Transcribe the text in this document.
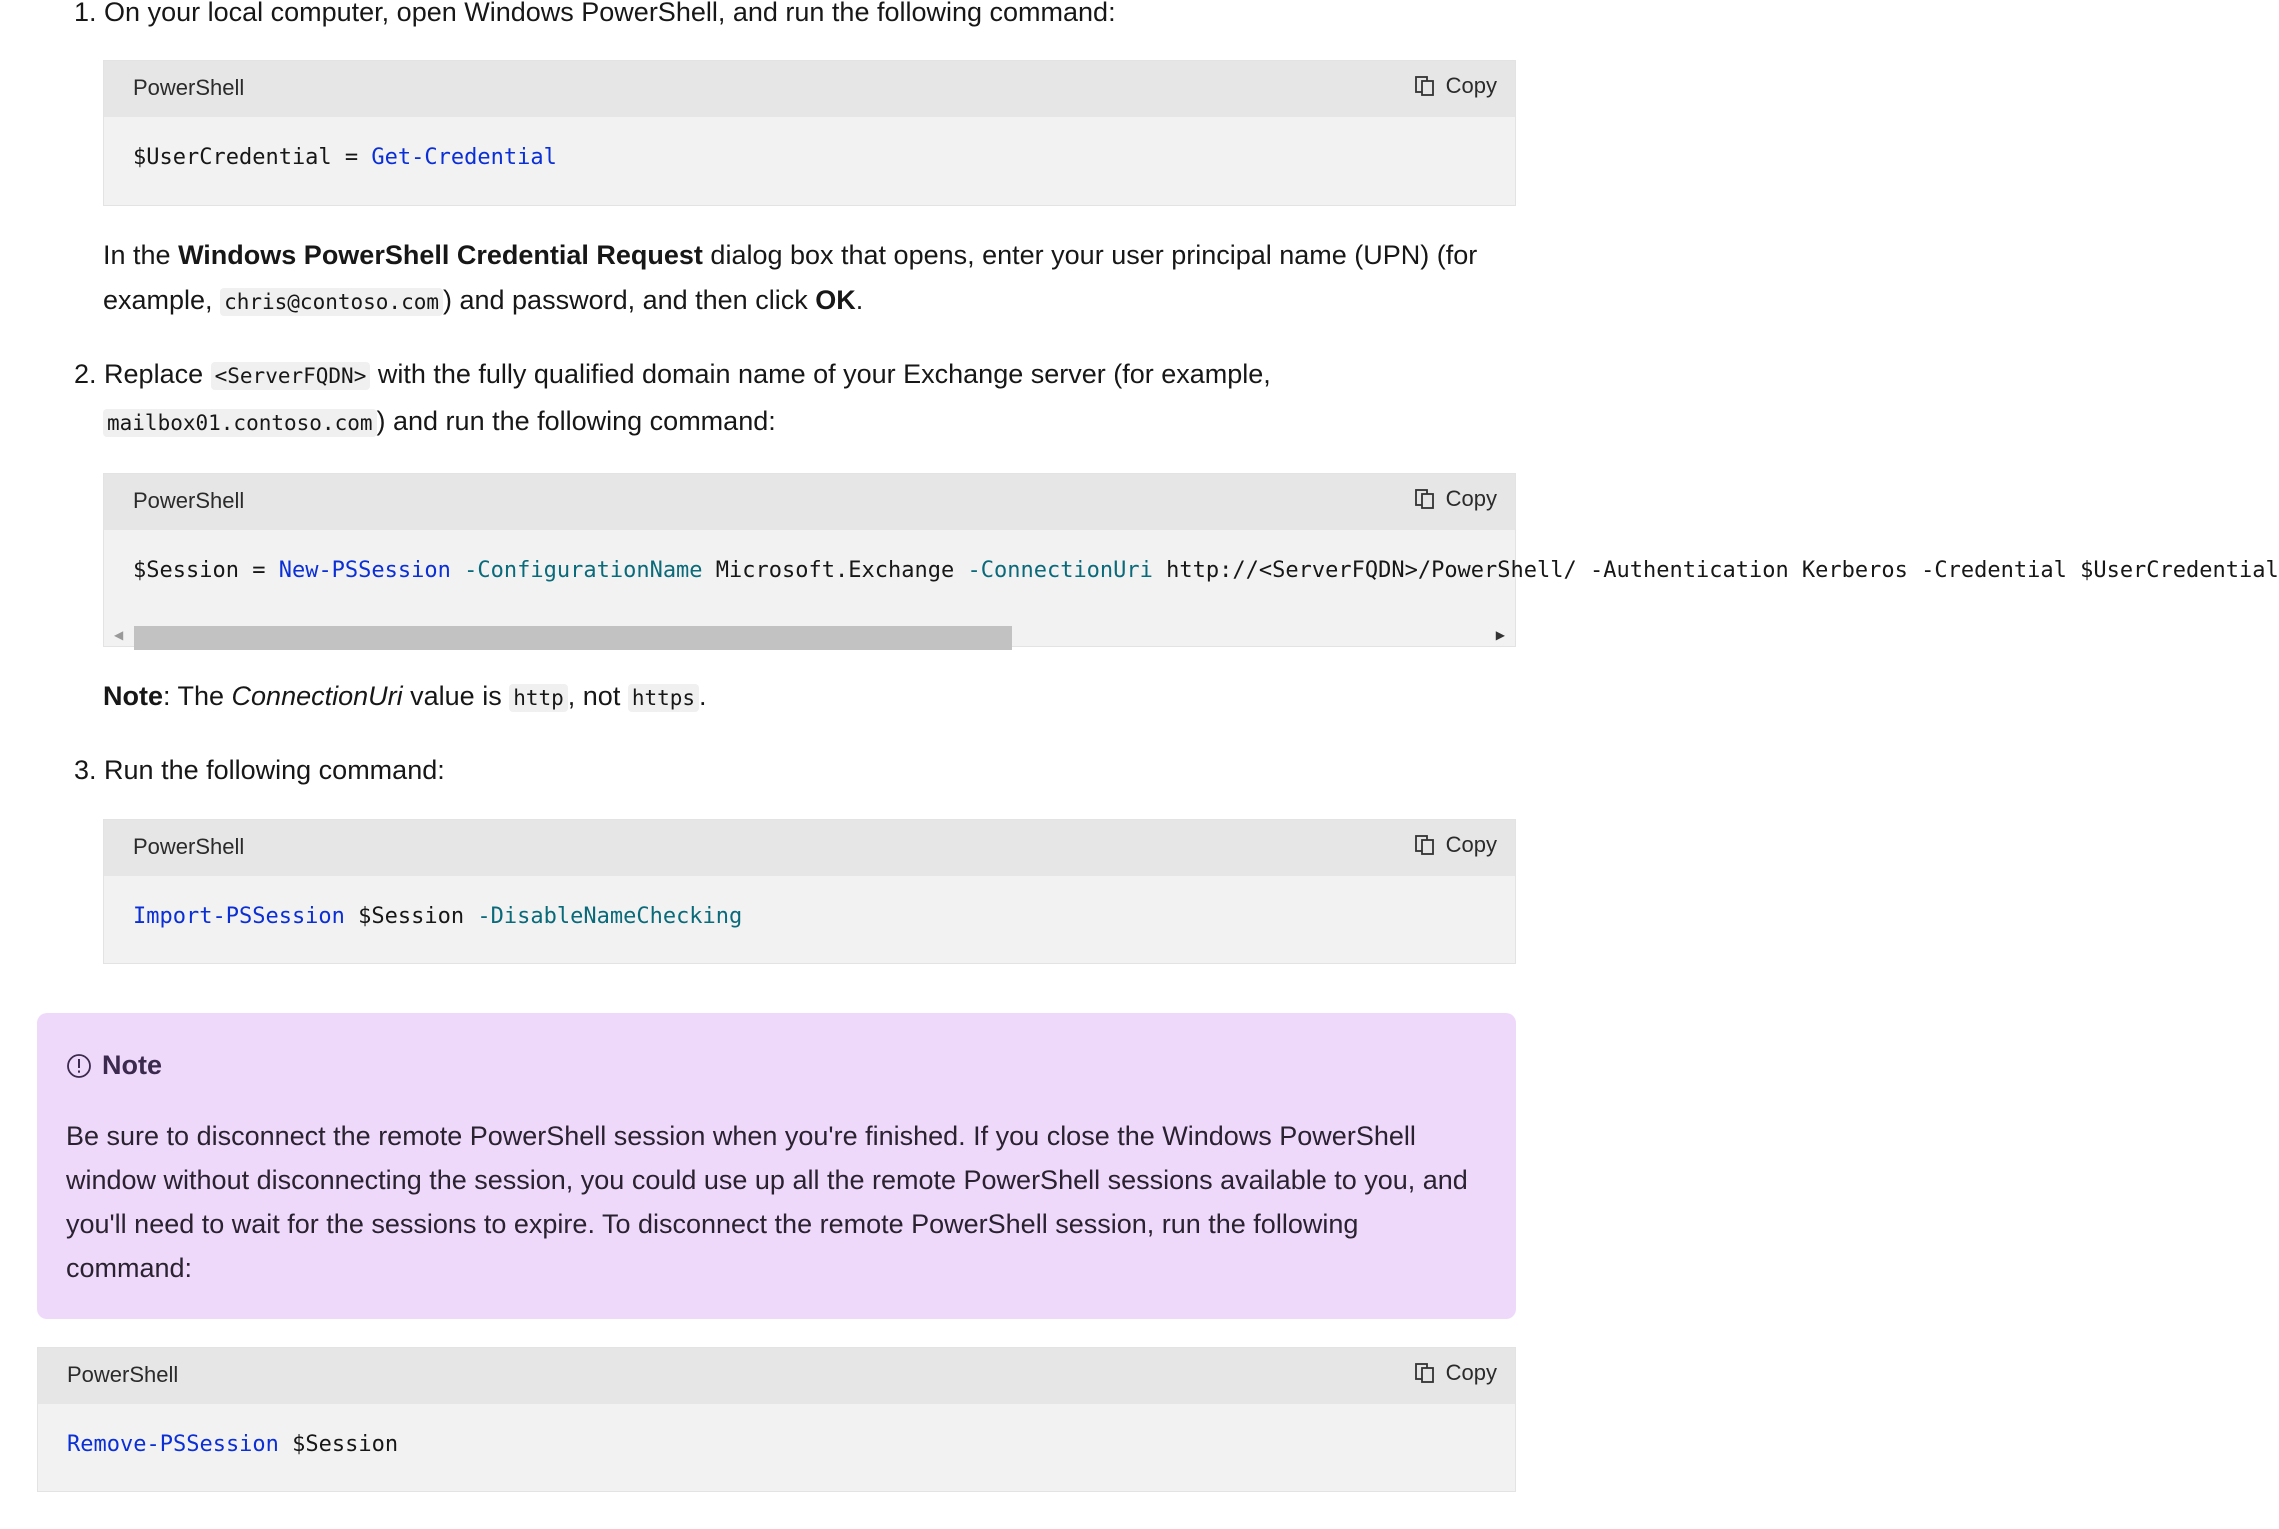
1. On your local computer, open Windows PowerShell, and run the following command:
PowerShell	Copy
$UserCredential = Get-Credential
In the Windows PowerShell Credential Request dialog box that opens, enter your user principal name (UPN) (for
example, chris@contoso.com ) and password, and then click OK.
2. Replace <ServerFQDN> with the fully qualified domain name of your Exchange server (for example,
mailbox01.contoso.com ) and run the following command:
PowerShell	Copy
$Session = New-PSSession -ConfigurationName Microsoft.Exchange -ConnectionUri http://<ServerFQDN>/PowerShell/ -Authentication Kerberos -Credential $UserCredential
◀	▶
Note: The ConnectionUri value is http , not https .
3. Run the following command:
PowerShell	Copy
Import-PSSession $Session -DisableNameChecking
Note
Be sure to disconnect the remote PowerShell session when you're finished. If you close the Windows PowerShell
window without disconnecting the session, you could use up all the remote PowerShell sessions available to you, and
you'll need to wait for the sessions to expire. To disconnect the remote PowerShell session, run the following
command:
PowerShell	Copy
Remove-PSSession $Session
